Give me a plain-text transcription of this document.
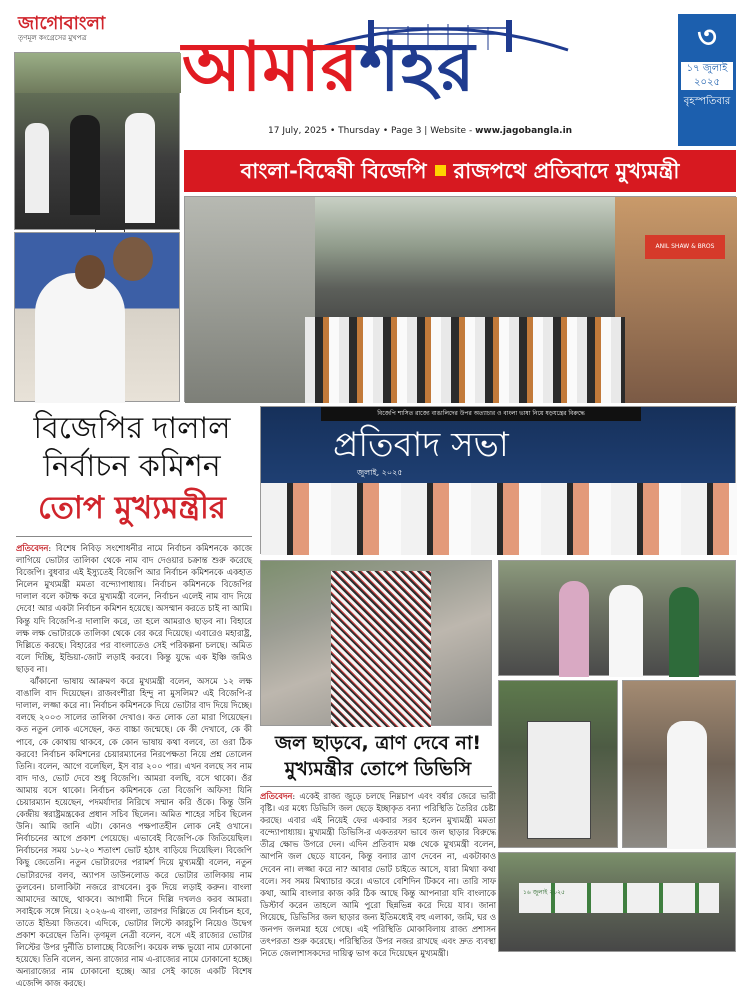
জাগোবাংলা
তৃণমূল কংগ্রেসের মুখপত্র	আমারশহর
17 July, 2025 • Thursday • Page 3 | Website - www.jagobangla.in
৩
১৭ জুলাই ২০২৫
বৃহস্পতিবার
বাংলা-বিদ্বেষী বিজেপি রাজপথে প্রতিবাদে মুখ্যমন্ত্রী
ANIL SHAW & BROS
বিজেপির দালাল
নির্বাচন কমিশন
তোপ মুখ্যমন্ত্রীর
প্রতিবেদন: বিশেষ নিবিড় সংশোধনীর নামে নির্বাচন কমিশনকে কাজে লাগিয়ে ভোটার তালিকা থেকে নাম বাদ দেওয়ার চক্রান্ত শুরু করেছে বিজেপি। বুধবার এই ইস্যুতেই বিজেপি আর নির্বাচন কমিশনকে একহাত নিলেন মুখ্যমন্ত্রী মমতা বন্দ্যোপাধ্যায়। নির্বাচন কমিশনকে বিজেপির দালাল বলে কটাক্ষ করে মুখ্যমন্ত্রী বলেন, নির্বাচন এলেই নাম বাদ দিয়ে দেবে! আর একটা নির্বাচন কমিশন হয়েছে। অসম্মান করতে চাই না আমি। কিন্তু যদি বিজেপি-র দালালি করে, তা হলে আমরাও ছাড়ব না। বিহারে লক্ষ লক্ষ ভোটারকে তালিকা থেকে বের করে দিয়েছে। এবারেও মহারাষ্ট্র, দিল্লিতে করছে। বিহারের পর বাংলাতেও সেই পরিকল্পনা চলছে। অমিত বলে দিচ্ছি, ইন্ডিয়া-জোট লড়াই করবে। কিন্তু যুদ্ধে এক ইঞ্চি জমিও ছাড়ব না।
ঝাঁকানো ভাষায় আক্রমণ করে মুখ্যমন্ত্রী বলেন, অসমে ১২ লক্ষ বাঙালি বাদ দিয়েছেন। রাজবংশীরা হিন্দু না মুসলিম? এই বিজেপি-র দালাল, লজ্জা করে না। নির্বাচন কমিশনকে দিয়ে ভোটার বাদ দিয়ে দিচ্ছে। বলছে ২০০৩ সালের তালিকা দেখাও। কত লোক তো মারা গিয়েছেন। কত নতুন লোক এসেছেন, কত বাচ্চা জন্মেছে। কে কী দেখাবে, কে কী পাবে, কে কোথায় থাকবে, কে কোন ভাষায় কথা বলবে, তা ওরা ঠিক করবে! নির্বাচন কমিশনের চেয়ারম্যানের নিরপেক্ষতা নিয়ে প্রশ্ন তোলেন তিনি। বলেন, আগে বলেছিল, ইস বার ২০০ পার। এখন বলছে সব নাম বাদ দাও, ভোট দেবে শুধু বিজেপি। আমরা বলছি, বসে থাকো। ওঁর আমায় বসে থাকো। নির্বাচন কমিশনকে তো বিজেপি অফিস! যিনি চেয়ারম্যান হয়েছেন, পদমর্যাদার নিরিখে সম্মান করি ওঁকে। কিন্তু উনি কেন্দ্রীয় স্বরাষ্ট্রমন্ত্রকের প্রধান সচিব ছিলেন। অমিত শাহের সচিব ছিলেন উনি। আমি জানি এটা। কোনও পক্ষপাতহীন লোক নেই ওখানে। নির্বাচনের আগে প্রকাশ পেয়েছে। এভাবেই বিজেপি-কে জিতিয়েছিল। নির্বাচনের সময় ১৮-২০ শতাংশ ভোট হঠাৎ বাড়িয়ে দিয়েছিল। বিজেপি কিছু জেতেনি। নতুন ভোটারদের পরামর্শ দিয়ে মুখ্যমন্ত্রী বলেন, নতুন ভোটারদের বলব, অ্যাপস ডাউনলোড করে ভোটার তালিকায় নাম তুলবেন। চালাকিটা নজরে রাখবেন। বুক দিয়ে লড়াই করুন। বাংলা আমাদের আছে, থাকবে। আগামী দিনে দিল্লি দখলও করব আমরা। সবাইকে সঙ্গে নিয়ে। ২০২৬-এ বাংলা, তারপর দিল্লিতে যে নির্বাচন হবে, তাতে ইন্ডিয়া জিতবে। এদিকে, ভোটার লিস্টে কারচুপি নিয়েও উদ্বেগ প্রকাশ করেছেন তিনি। তৃণমূল নেত্রী বলেন, বসে এই রাজ্যের ভোটার লিস্টের উপর দুর্নীতি চালাচ্ছে বিজেপি। কয়েক লক্ষ ভুয়ো নাম ঢোকানো হয়েছে। তিনি বলেন, অন্য রাজ্যের নাম এ-রাজ্যের নামে ঢোকানো হচ্ছে। অন্যরাজ্যের নাম ঢোকানো হচ্ছে। আর সেই কাজে একটি বিশেষ এজেন্সি কাজ করছে।
বিজেপি শাসিত রাজ্যে বাঙালিদের উপর অত্যাচার ও বাংলা ভাষা নিয়ে ষড়যন্ত্রের বিরুদ্ধে
প্রতিবাদ সভা
জুলাই, ২০২৫
জল ছাড়বে, ত্রাণ দেবে না!
মুখ্যমন্ত্রীর তোপে ডিভিসি
প্রতিবেদন: একেই রাজ্য জুড়ে চলছে নিম্নচাপ এবং বর্ষার জেরে ভারী বৃষ্টি। এর মধ্যে ডিভিসি জল ছেড়ে ইচ্ছাকৃত বন্যা পরিস্থিতি তৈরির চেষ্টা করছে। এবার এই নিয়েই ফের একবার সরব হলেন মুখ্যমন্ত্রী মমতা বন্দ্যোপাধ্যায়। মুখ্যমন্ত্রী ডিভিসি-র একতরফা ভাবে জল ছাড়ার বিরুদ্ধে তীব্র ক্ষোভ উগরে দেন। এদিন প্রতিবাদ মঞ্চ থেকে মুখ্যমন্ত্রী বলেন, আপনি জল ছেড়ে যাবেন, কিন্তু বন্যার ত্রাণ দেবেন না, একটাকাও দেবেন না। লজ্জা করে না? আবার ভোট চাইতে আসে, যারা মিথ্যা কথা বলে। সব সময় মিথ্যাচার করে। এভাবে বেশিদিন টিকবে না। তারি সাফ কথা, আমি বাংলার কাজ করি ঠিক আছে কিন্তু আপনারা যদি বাংলাকে ডিস্টার্ব করেন তাহলে আমি পুরো ছিন্নভিন্ন করে দিয়ে যাব। জানা গিয়েছে, ডিভিসির জল ছাড়ার জন্য ইতিমধ্যেই বহু এলাকা, জমি, ঘর ও জনপদ জলমগ্ন হয়ে গেছে। এই পরিস্থিতি মোকাবিলায় রাজ্য প্রশাসন তৎপরতা শুরু করেছে। পরিস্থিতির উপর নজর রাখছে এবং দ্রুত ব্যবস্থা নিতে জেলাশাসকদের দায়িত্ব ভাগ করে দিয়েছেন মুখ্যমন্ত্রী।
১৬ জুলাই ২০২৫
